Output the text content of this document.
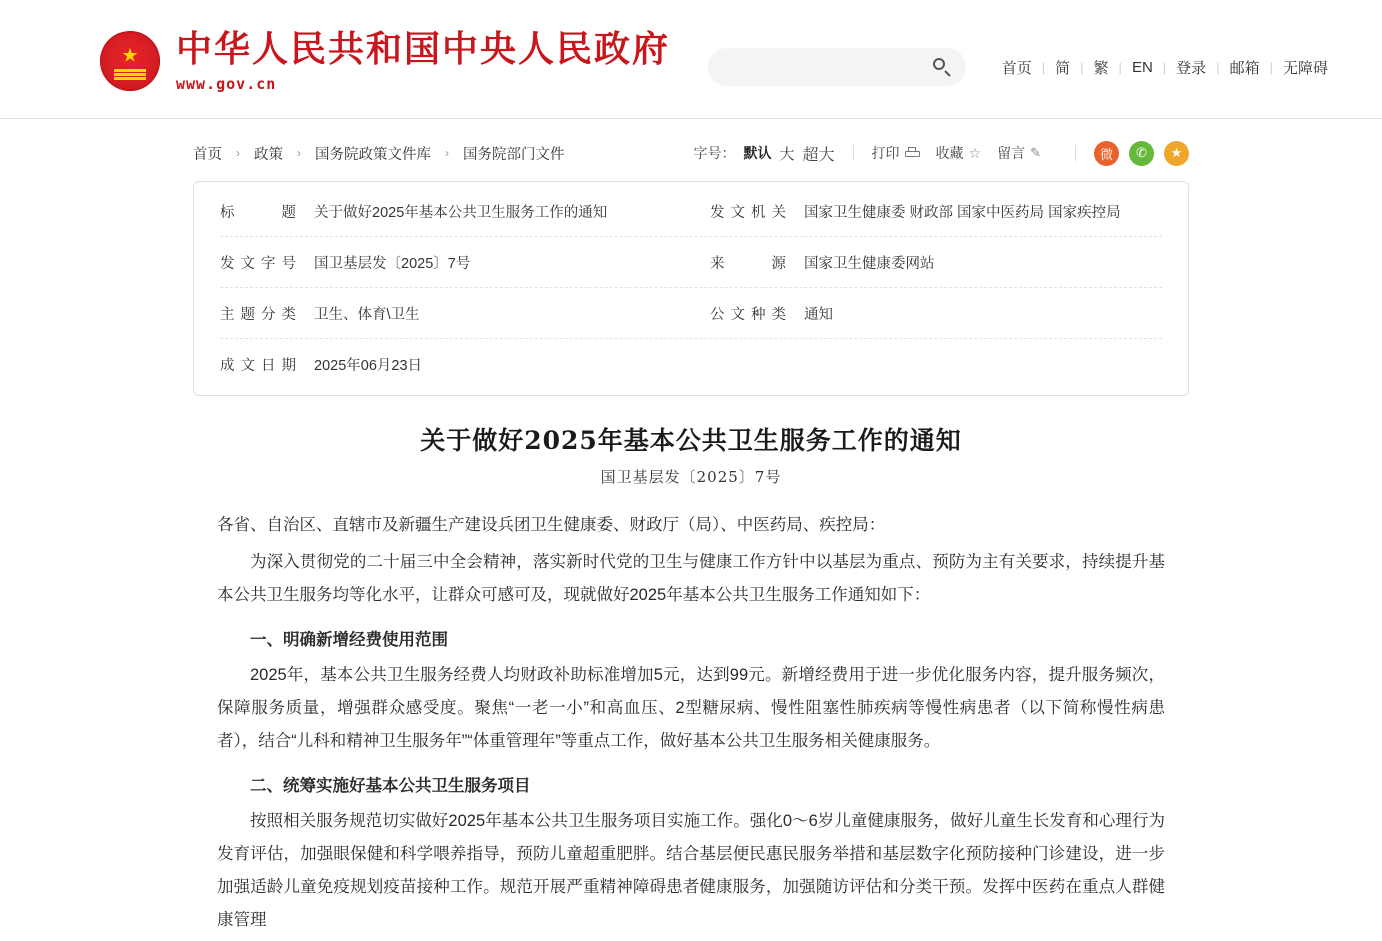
★
中华人民共和国中央人民政府
www.gov.cn
首页 | 简 | 繁 | EN | 登录 | 邮箱 | 无障碍
首页 › 政策 › 国务院政策文件库 › 国务院部门文件	字号： 默认 大 超大	打印	收藏 ☆ 留言 ✎	微	✆	★
标题 关于做好2025年基本公共卫生服务工作的通知	发文机关 国家卫生健康委 财政部 国家中医药局 国家疾控局
发文字号 国卫基层发〔2025〕7号	来源 国家卫生健康委网站
主题分类 卫生、体育\卫生	公文种类 通知
成文日期 2025年06月23日
关于做好2025年基本公共卫生服务工作的通知
国卫基层发〔2025〕7号

各省、自治区、直辖市及新疆生产建设兵团卫生健康委、财政厅（局）、中医药局、疾控局：

为深入贯彻党的二十届三中全会精神，落实新时代党的卫生与健康工作方针中以基层为重点、预防为主有关要求，持续提升基本公共卫生服务均等化水平，让群众可感可及，现就做好2025年基本公共卫生服务工作通知如下：

一、明确新增经费使用范围

2025年，基本公共卫生服务经费人均财政补助标准增加5元，达到99元。新增经费用于进一步优化服务内容，提升服务频次，保障服务质量，增强群众感受度。聚焦“一老一小”和高血压、2型糖尿病、慢性阻塞性肺疾病等慢性病患者（以下简称慢性病患者），结合“儿科和精神卫生服务年”“体重管理年”等重点工作，做好基本公共卫生服务相关健康服务。

二、统筹实施好基本公共卫生服务项目

按照相关服务规范切实做好2025年基本公共卫生服务项目实施工作。强化0～6岁儿童健康服务，做好儿童生长发育和心理行为发育评估，加强眼保健和科学喂养指导，预防儿童超重肥胖。结合基层便民惠民服务举措和基层数字化预防接种门诊建设，进一步加强适龄儿童免疫规划疫苗接种工作。规范开展严重精神障碍患者健康服务，加强随访评估和分类干预。发挥中医药在重点人群健康管理
